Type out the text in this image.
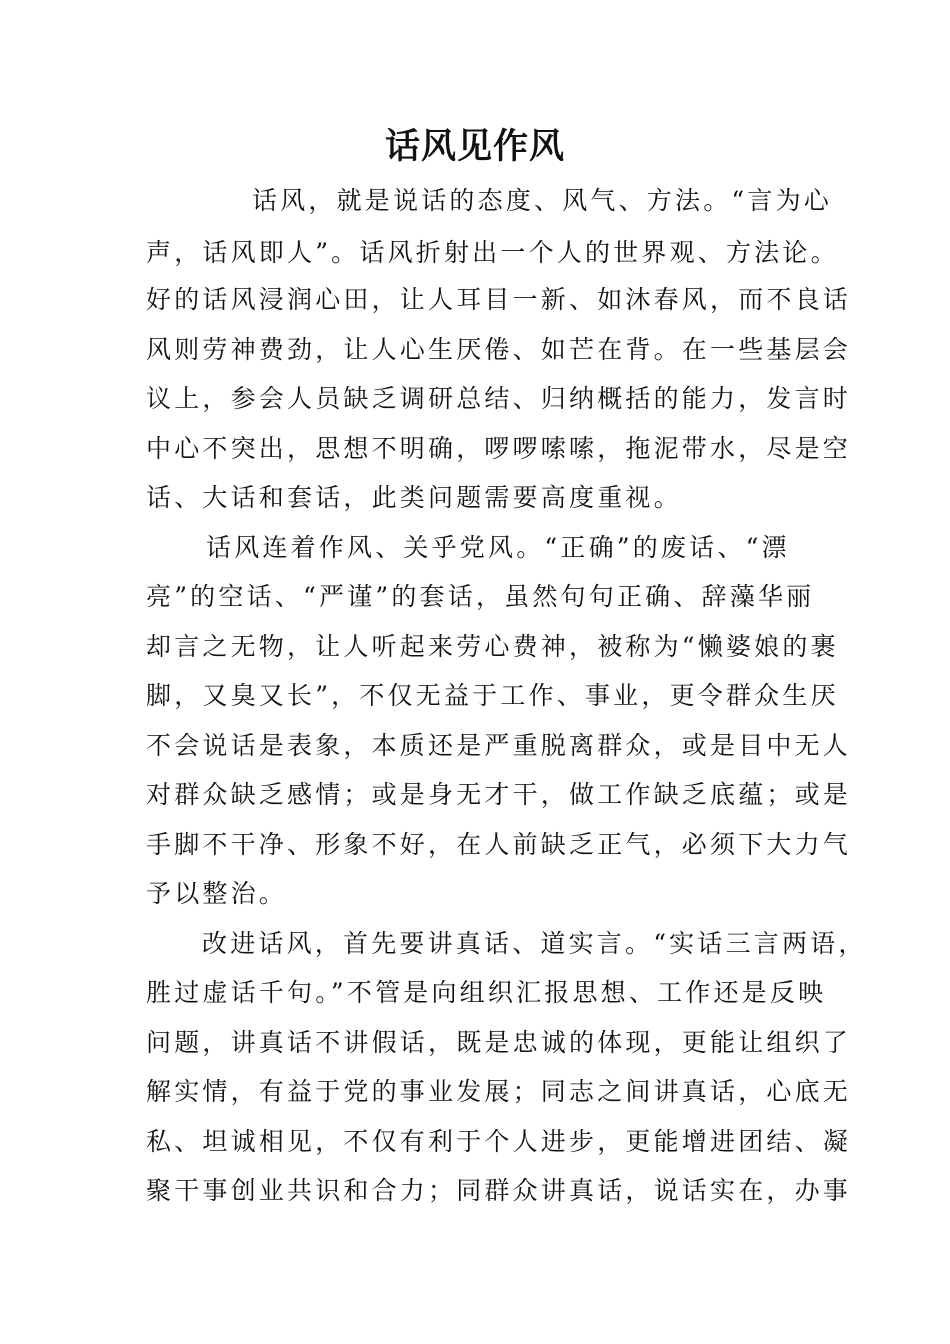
话风见作风
话风，就是说话的态度、风气、方法。“言为心
声，话风即人”。话风折射出一个人的世界观、方法论。
好的话风浸润心田，让人耳目一新、如沐春风，而不良话
风则劳神费劲，让人心生厌倦、如芒在背。在一些基层会
议上，参会人员缺乏调研总结、归纳概括的能力，发言时
中心不突出，思想不明确，啰啰嗦嗦，拖泥带水，尽是空
话、大话和套话，此类问题需要高度重视。
话风连着作风、关乎党风。“正确”的废话、“漂
亮”的空话、“严谨”的套话，虽然句句正确、辞藻华丽
却言之无物，让人听起来劳心费神，被称为“懒婆娘的裹
脚，又臭又长”，不仅无益于工作、事业，更令群众生厌
不会说话是表象，本质还是严重脱离群众，或是目中无人
对群众缺乏感情；或是身无才干，做工作缺乏底蕴；或是
手脚不干净、形象不好，在人前缺乏正气，必须下大力气
予以整治。
改进话风，首先要讲真话、道实言。“实话三言两语，
胜过虚话千句。”不管是向组织汇报思想、工作还是反映
问题，讲真话不讲假话，既是忠诚的体现，更能让组织了
解实情，有益于党的事业发展；同志之间讲真话，心底无
私、坦诚相见，不仅有利于个人进步，更能增进团结、凝
聚干事创业共识和合力；同群众讲真话，说话实在，办事
